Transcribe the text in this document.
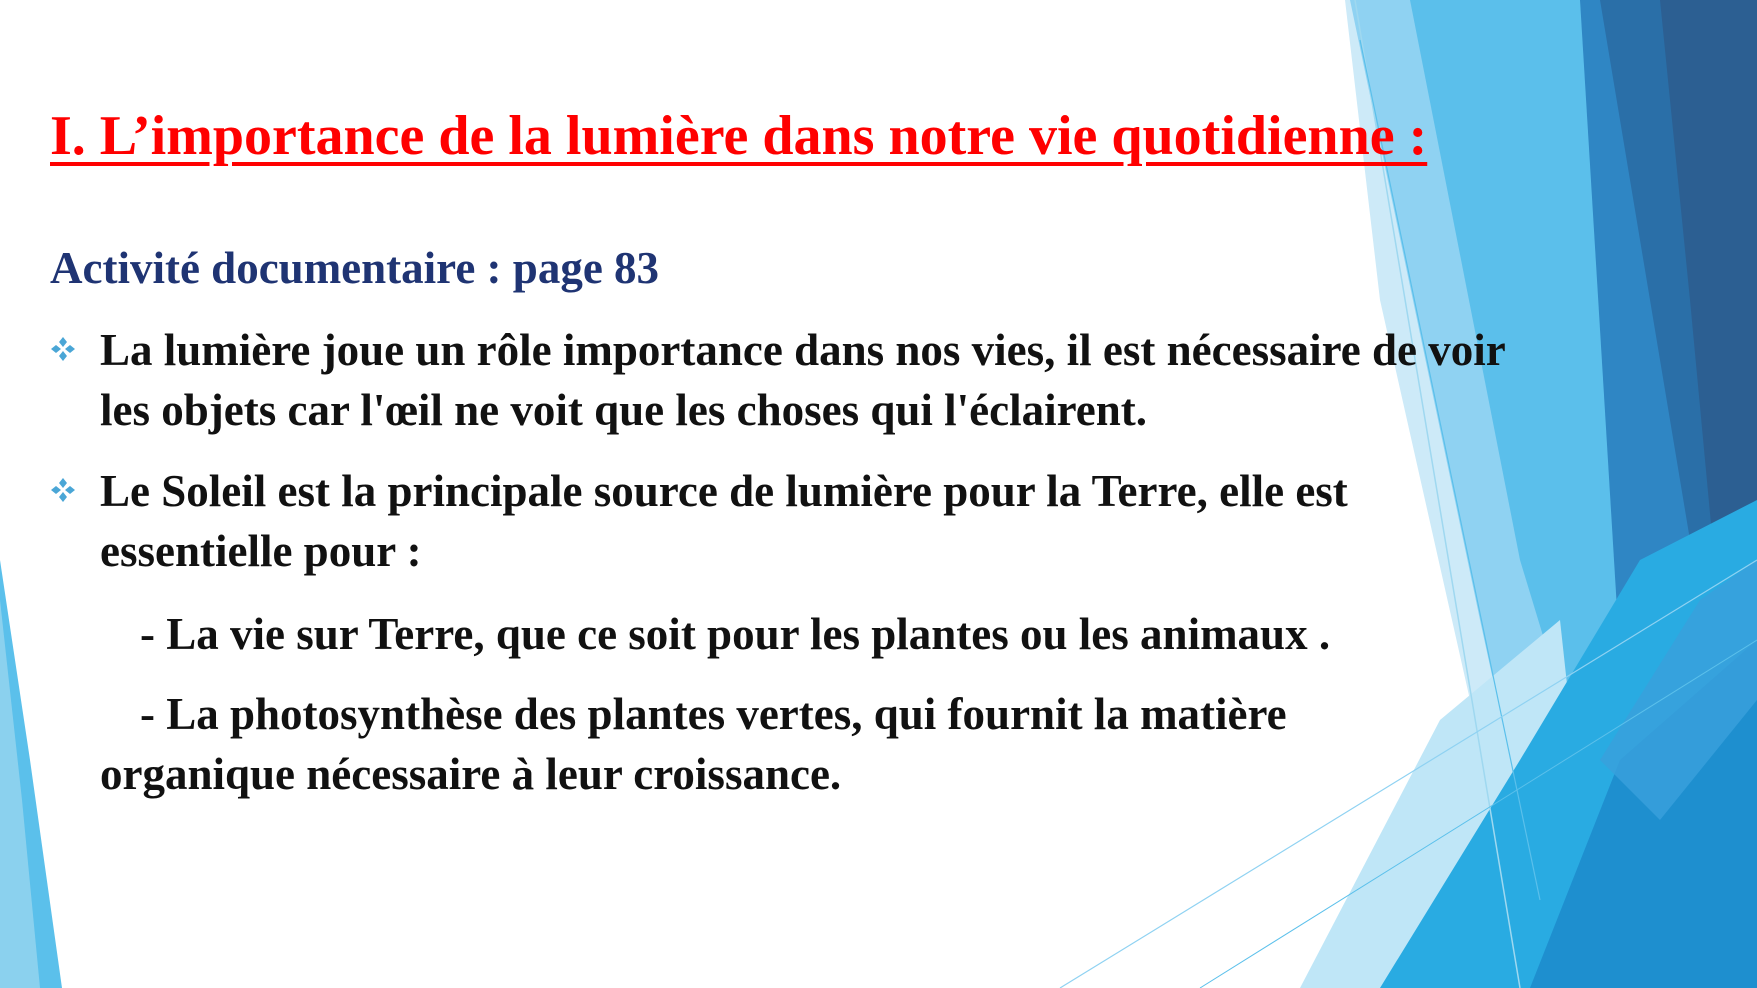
I. L’importance de la lumière dans notre vie quotidienne :
Activité documentaire : page 83

La lumière joue un rôle importance dans nos vies, il est nécessaire de voir
les objets car l'œil ne voit que les choses qui l'éclairent.

Le Soleil est la principale source de lumière pour la Terre, elle est
essentielle pour :

- La vie sur Terre, que ce soit pour les plantes ou les animaux .

- La photosynthèse des plantes vertes, qui fournit la matière
organique nécessaire à leur croissance.
